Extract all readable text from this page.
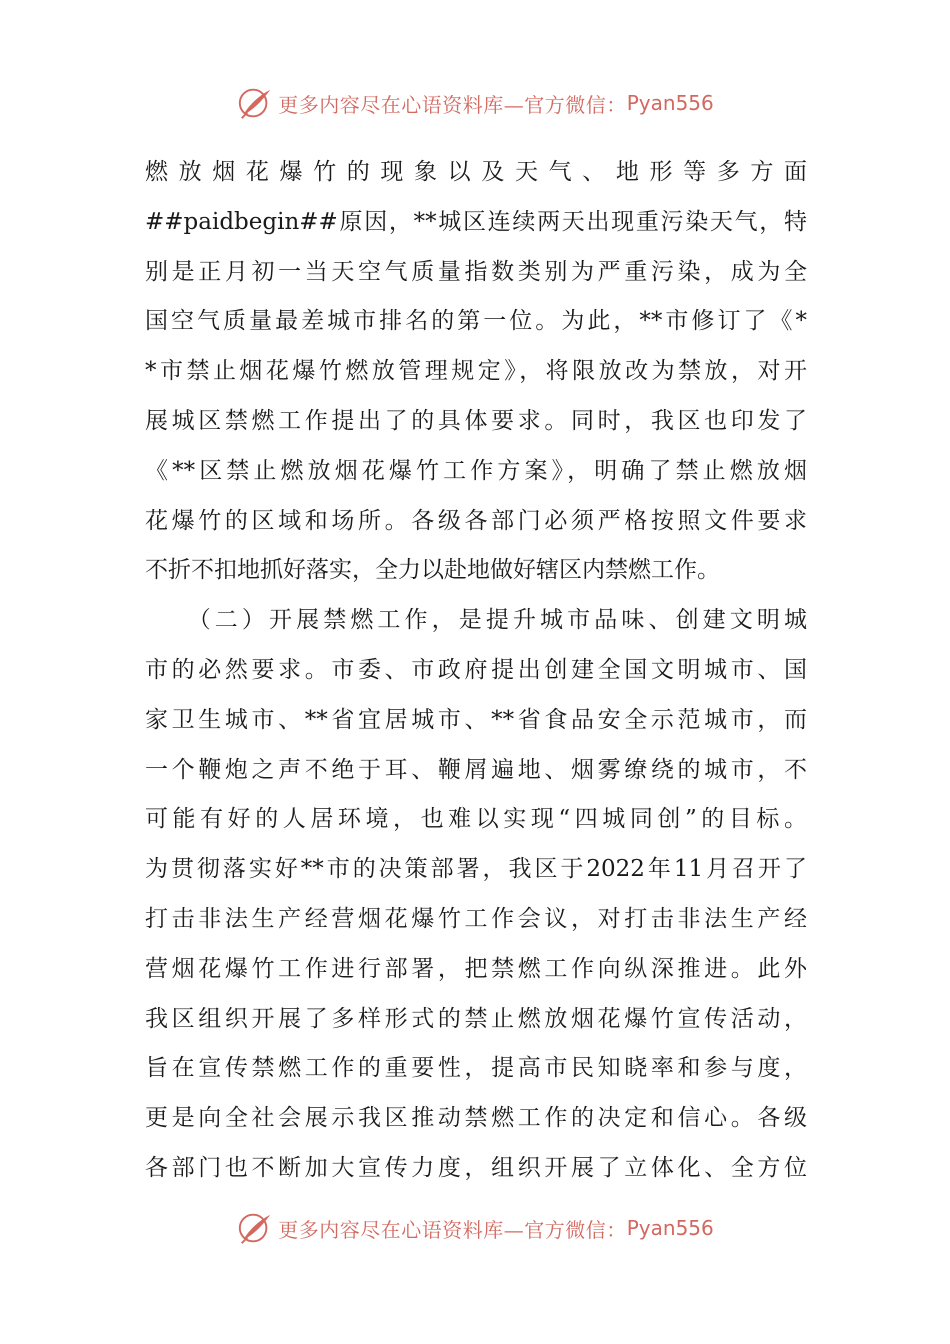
更多内容尽在心语资料库—官方微信： Pyan556
燃放烟花爆竹的现象以及天气、地形等多方面
##paidbegin##原因，**城区连续两天出现重污染天气，特
别是正月初一当天空气质量指数类别为严重污染，成为全
国空气质量最差城市排名的第一位。为此，**市修订了《*
*市禁止烟花爆竹燃放管理规定》，将限放改为禁放，对开
展城区禁燃工作提出了的具体要求。同时，我区也印发了
《**区禁止燃放烟花爆竹工作方案》，明确了禁止燃放烟
花爆竹的区域和场所。各级各部门必须严格按照文件要求
不折不扣地抓好落实，全力以赴地做好辖区内禁燃工作。
　　（二）开展禁燃工作，是提升城市品味、创建文明城
市的必然要求。市委、市政府提出创建全国文明城市、国
家卫生城市、**省宜居城市、**省食品安全示范城市，而
一个鞭炮之声不绝于耳、鞭屑遍地、烟雾缭绕的城市，不
可能有好的人居环境，也难以实现“四城同创”的目标。
为贯彻落实好**市的决策部署，我区于2022年11月召开了
打击非法生产经营烟花爆竹工作会议，对打击非法生产经
营烟花爆竹工作进行部署，把禁燃工作向纵深推进。此外
我区组织开展了多样形式的禁止燃放烟花爆竹宣传活动，
旨在宣传禁燃工作的重要性，提高市民知晓率和参与度，
更是向全社会展示我区推动禁燃工作的决定和信心。各级
各部门也不断加大宣传力度，组织开展了立体化、全方位
更多内容尽在心语资料库—官方微信： Pyan556
